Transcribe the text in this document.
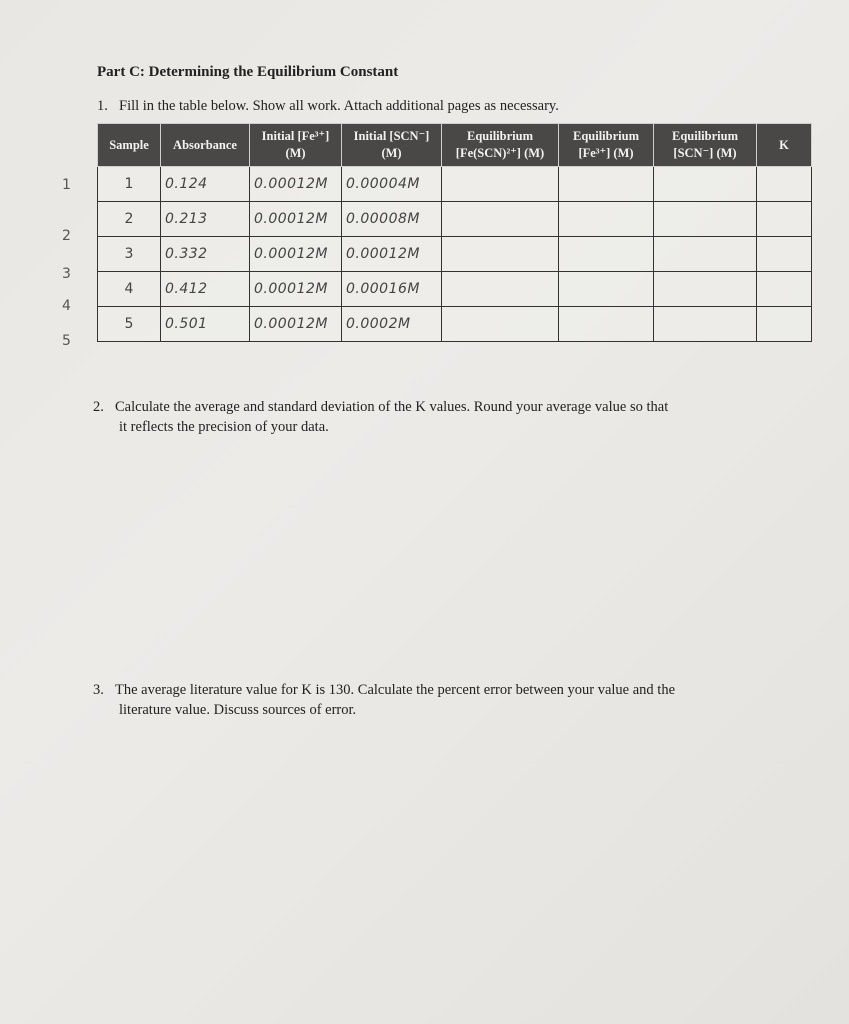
Part C: Determining the Equilibrium Constant
1. Fill in the table below. Show all work. Attach additional pages as necessary.
Sample	Absorbance	Initial [Fe³⁺] (M)	Initial [SCN⁻] (M)	Equilibrium [Fe(SCN)²⁺] (M)	Equilibrium [Fe³⁺] (M)	Equilibrium [SCN⁻] (M)	K
1	0.124	0.00012M	0.00004M				
2	0.213	0.00012M	0.00008M				
3	0.332	0.00012M	0.00012M				
4	0.412	0.00012M	0.00016M				
5	0.501	0.00012M	0.0002M				
1
2
3
4
5
2. Calculate the average and standard deviation of the K values. Round your average value so that
it reflects the precision of your data.
3. The average literature value for K is 130. Calculate the percent error between your value and the
literature value. Discuss sources of error.
